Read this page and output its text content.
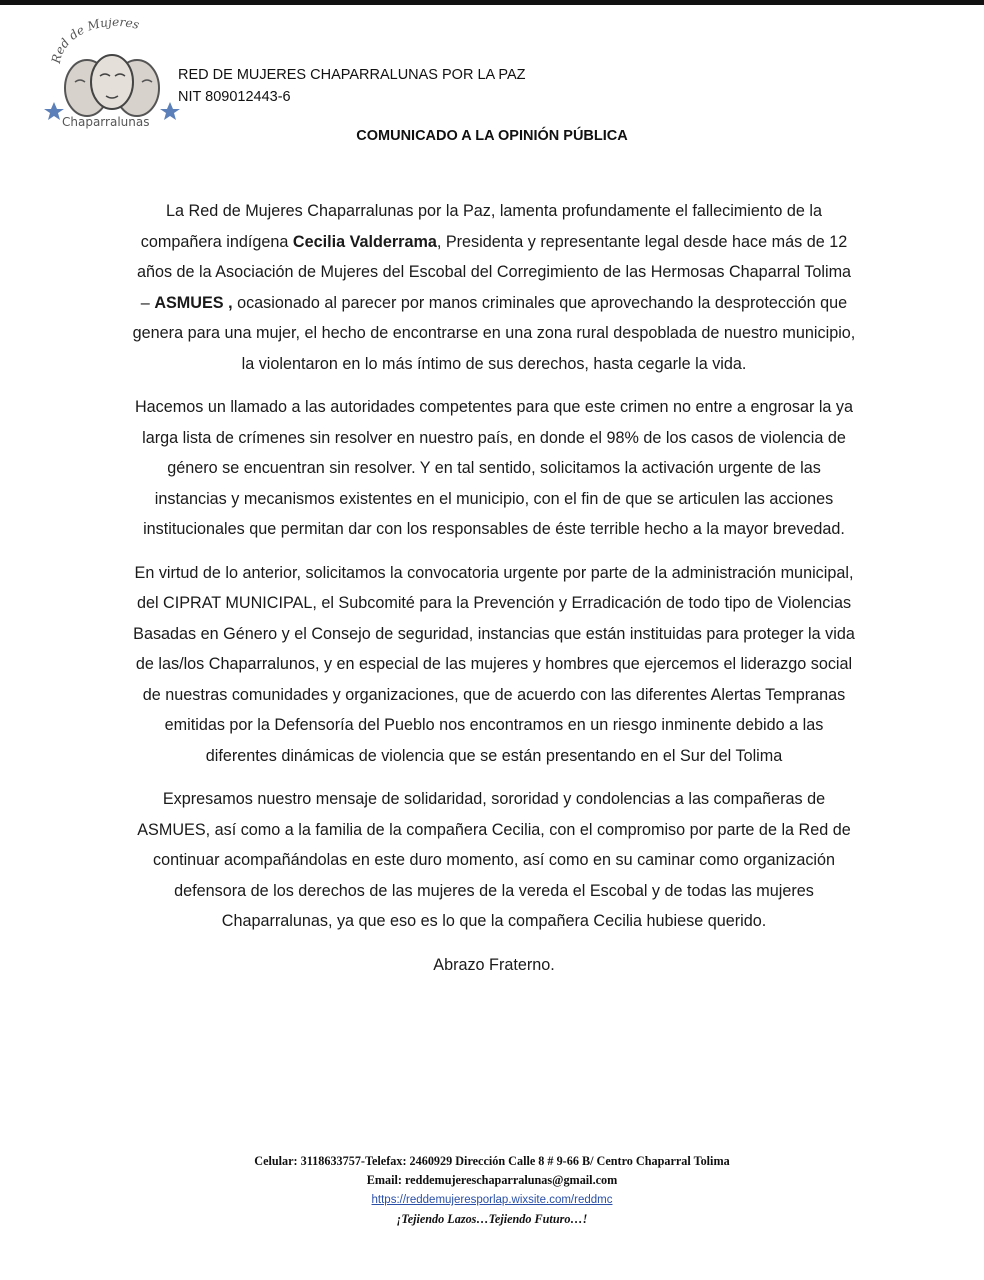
Red de Mujeres
Chaparralunas
RED DE MUJERES CHAPARRALUNAS POR LA PAZ
NIT 809012443-6
COMUNICADO A LA OPINIÓN PÚBLICA

La Red de Mujeres Chaparralunas por la Paz, lamenta profundamente el fallecimiento de la compañera indígena Cecilia Valderrama, Presidenta y representante legal desde hace más de 12 años de la Asociación de Mujeres del Escobal del Corregimiento de las Hermosas Chaparral Tolima – ASMUES , ocasionado al parecer por manos criminales que aprovechando la desprotección que genera para una mujer, el hecho de encontrarse en una zona rural despoblada de nuestro municipio, la violentaron en lo más íntimo de sus derechos, hasta cegarle la vida.

Hacemos un llamado a las autoridades competentes para que este crimen no entre a engrosar la ya larga lista de crímenes sin resolver en nuestro país, en donde el 98% de los casos de violencia de género se encuentran sin resolver. Y en tal sentido, solicitamos la activación urgente de las instancias y mecanismos existentes en el municipio, con el fin de que se articulen las acciones institucionales que permitan dar con los responsables de éste terrible hecho a la mayor brevedad.

En virtud de lo anterior, solicitamos la convocatoria urgente por parte de la administración municipal, del CIPRAT MUNICIPAL, el Subcomité para la Prevención y Erradicación de todo tipo de Violencias Basadas en Género y el Consejo de seguridad, instancias que están instituidas para proteger la vida de las/los Chaparralunos, y en especial de las mujeres y hombres que ejercemos el liderazgo social de nuestras comunidades y organizaciones, que de acuerdo con las diferentes Alertas Tempranas emitidas por la Defensoría del Pueblo nos encontramos en un riesgo inminente debido a las diferentes dinámicas de violencia que se están presentando en el Sur del Tolima

Expresamos nuestro mensaje de solidaridad, sororidad y condolencias a las compañeras de ASMUES, así como a la familia de la compañera Cecilia, con el compromiso por parte de la Red de continuar acompañándolas en este duro momento, así como en su caminar como organización defensora de los derechos de las mujeres de la vereda el Escobal y de todas las mujeres Chaparralunas, ya que eso es lo que la compañera Cecilia hubiese querido.

Abrazo Fraterno.
Celular: 3118633757-Telefax: 2460929 Dirección Calle 8 # 9-66 B/ Centro Chaparral Tolima
Email: reddemujereschaparralunas@gmail.com
https://reddemujeresporlap.wixsite.com/reddmc
¡Tejiendo Lazos…Tejiendo Futuro…!
